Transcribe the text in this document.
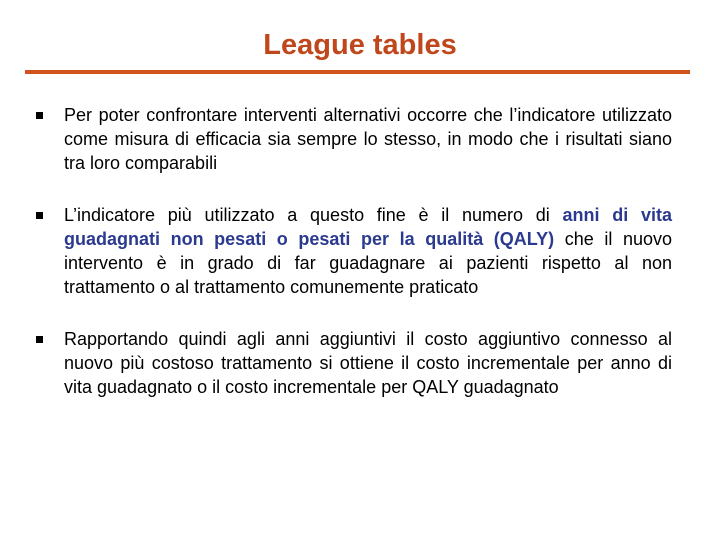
League tables
Per poter confrontare interventi alternativi occorre che l’indicatore utilizzato come misura di efficacia sia sempre lo stesso, in modo che i risultati siano tra loro comparabili
L’indicatore più utilizzato a questo fine è il numero di anni di vita guadagnati non pesati o pesati per la qualità (QALY) che il nuovo intervento è in grado di far guadagnare ai pazienti rispetto al non trattamento o al trattamento comunemente praticato
Rapportando quindi agli anni aggiuntivi il costo aggiuntivo connesso al nuovo più costoso trattamento si ottiene il costo incrementale per anno di vita guadagnato o il costo incrementale per QALY guadagnato
